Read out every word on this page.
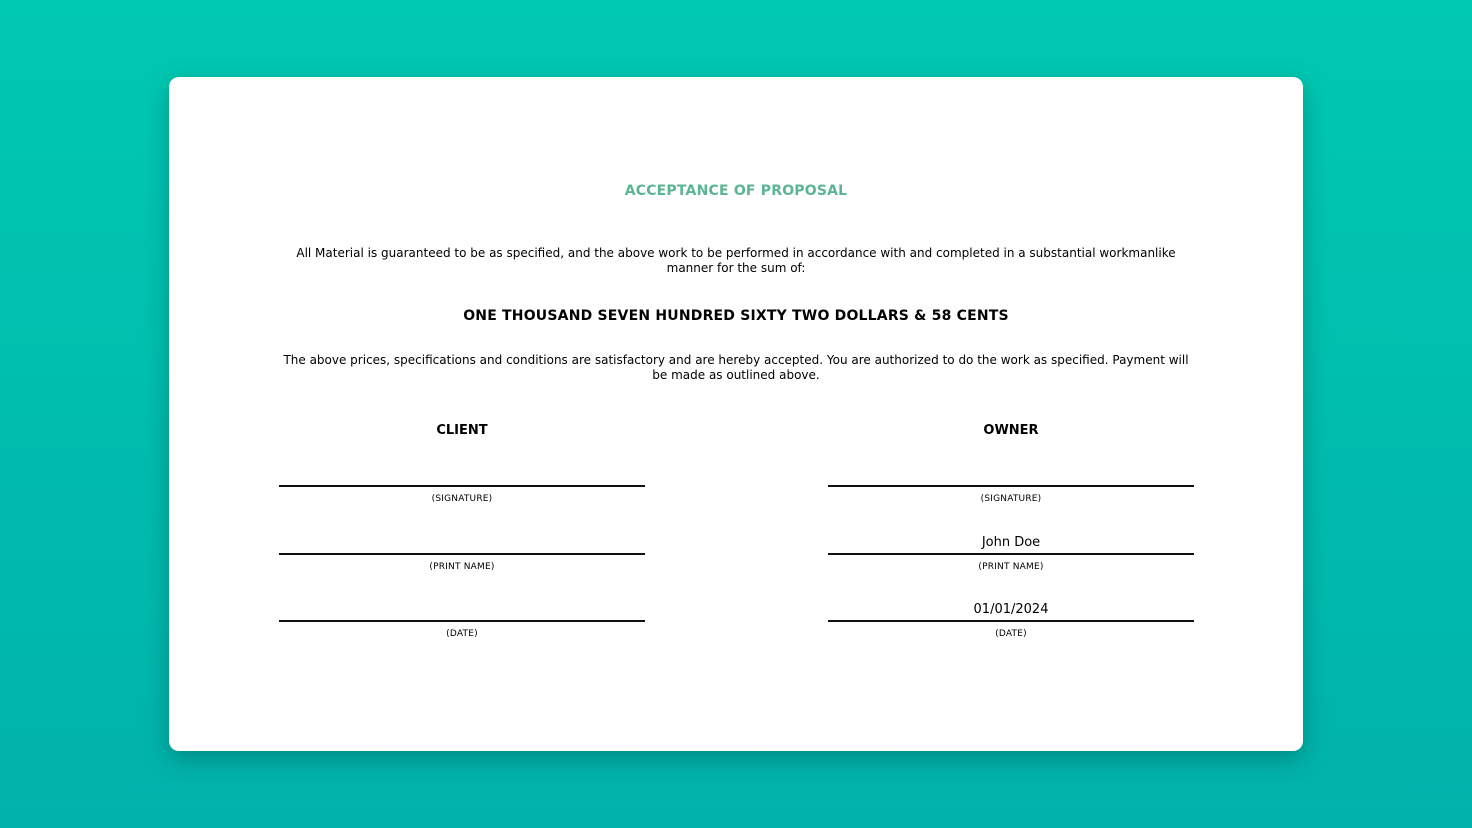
ACCEPTANCE OF PROPOSAL

All Material is guaranteed to be as specified, and the above work to be performed in accordance with and completed in a substantial workmanlike manner for the sum of:

ONE THOUSAND SEVEN HUNDRED SIXTY TWO DOLLARS & 58 CENTS

The above prices, specifications and conditions are satisfactory and are hereby accepted. You are authorized to do the work as specified. Payment will be made as outlined above.

CLIENT
(SIGNATURE)
(PRINT NAME)
(DATE)
OWNER
(SIGNATURE)
John Doe
(PRINT NAME)
01/01/2024
(DATE)
